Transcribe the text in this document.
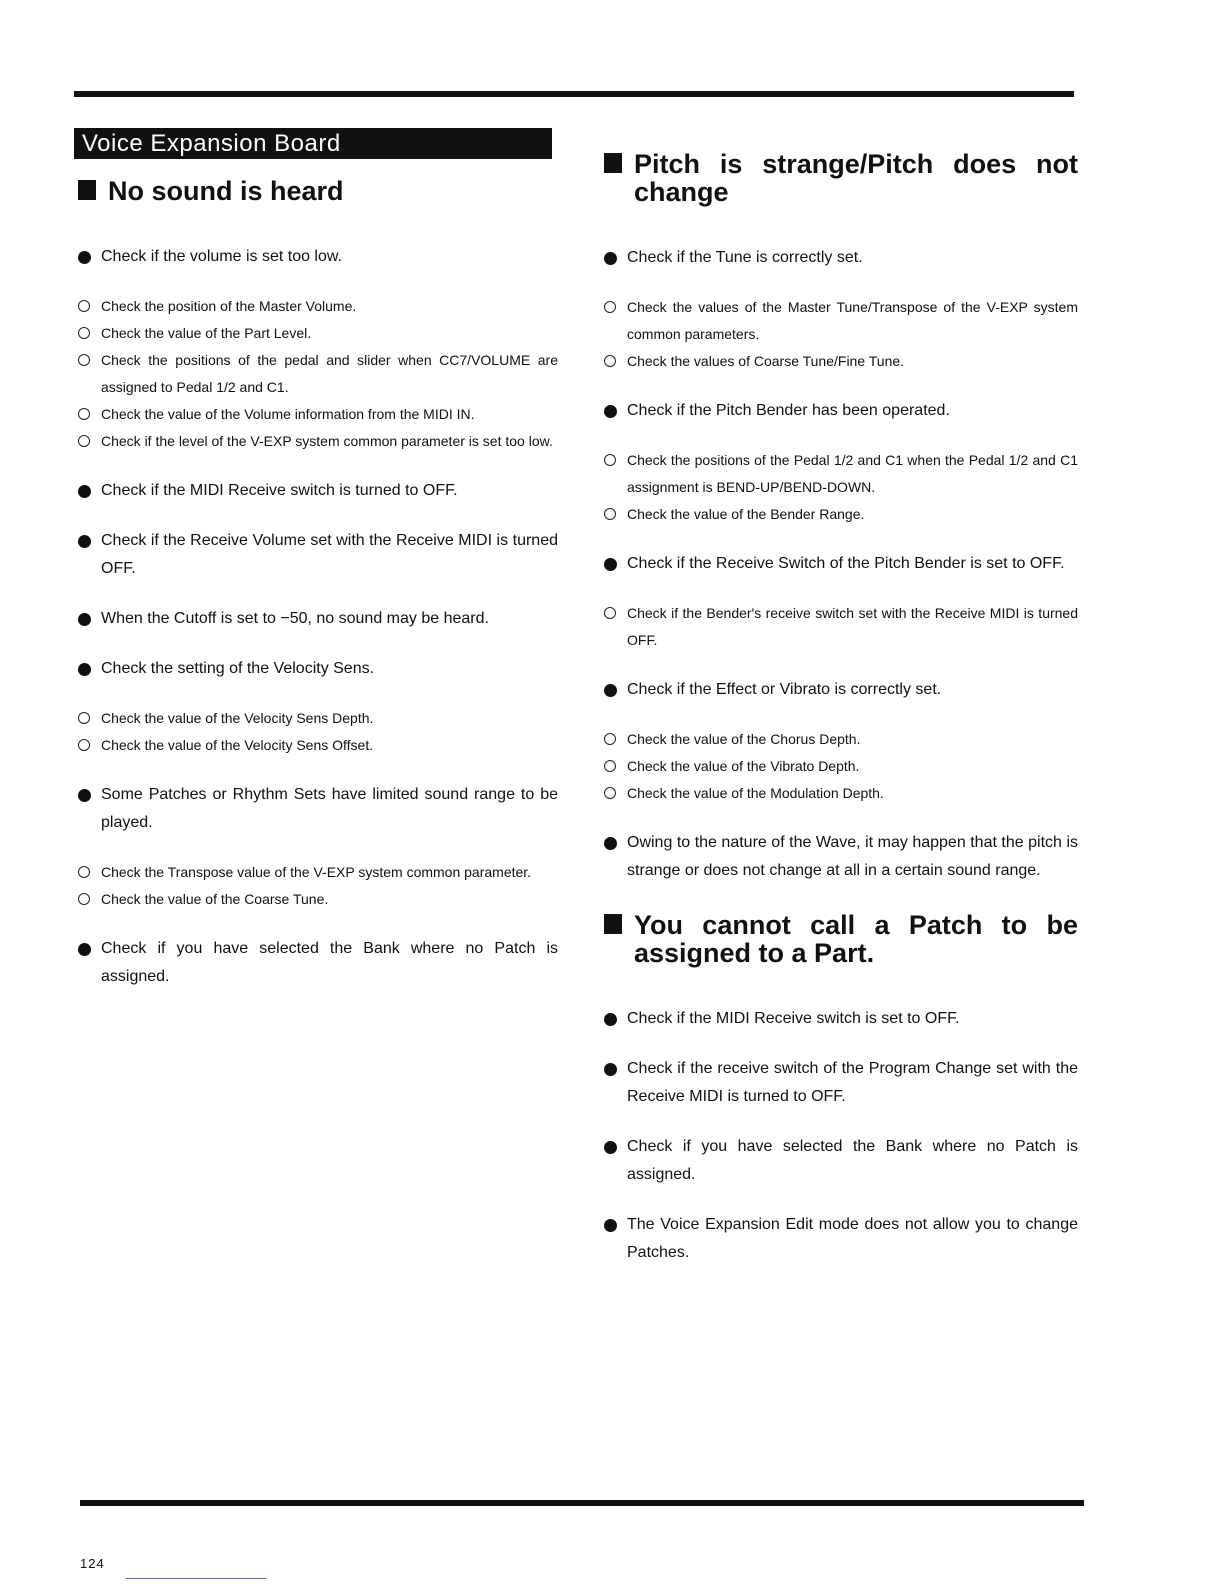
Voice Expansion Board
No sound is heard
Check if the volume is set too low.
Check the position of the Master Volume.
Check the value of the Part Level.
Check the positions of the pedal and slider when CC7/VOLUME are assigned to Pedal 1/2 and C1.
Check the value of the Volume information from the MIDI IN.
Check if the level of the V-EXP system common parameter is set too low.
Check if the MIDI Receive switch is turned to OFF.
Check if the Receive Volume set with the Receive MIDI is turned OFF.
When the Cutoff is set to −50, no sound may be heard.
Check the setting of the Velocity Sens.
Check the value of the Velocity Sens Depth.
Check the value of the Velocity Sens Offset.
Some Patches or Rhythm Sets have limited sound range to be played.
Check the Transpose value of the V-EXP system common parameter.
Check the value of the Coarse Tune.
Check if you have selected the Bank where no Patch is assigned.
Pitch is strange/Pitch does not change
Check if the Tune is correctly set.
Check the values of the Master Tune/Transpose of the V-EXP system common parameters.
Check the values of Coarse Tune/Fine Tune.
Check if the Pitch Bender has been operated.
Check the positions of the Pedal 1/2 and C1 when the Pedal 1/2 and C1 assignment is BEND-UP/BEND-DOWN.
Check the value of the Bender Range.
Check if the Receive Switch of the Pitch Bender is set to OFF.
Check if the Bender's receive switch set with the Receive MIDI is turned OFF.
Check if the Effect or Vibrato is correctly set.
Check the value of the Chorus Depth.
Check the value of the Vibrato Depth.
Check the value of the Modulation Depth.
Owing to the nature of the Wave, it may happen that the pitch is strange or does not change at all in a certain sound range.
You cannot call a Patch to be assigned to a Part.
Check if the MIDI Receive switch is set to OFF.
Check if the receive switch of the Program Change set with the Receive MIDI is turned to OFF.
Check if you have selected the Bank where no Patch is assigned.
The Voice Expansion Edit mode does not allow you to change Patches.
124
